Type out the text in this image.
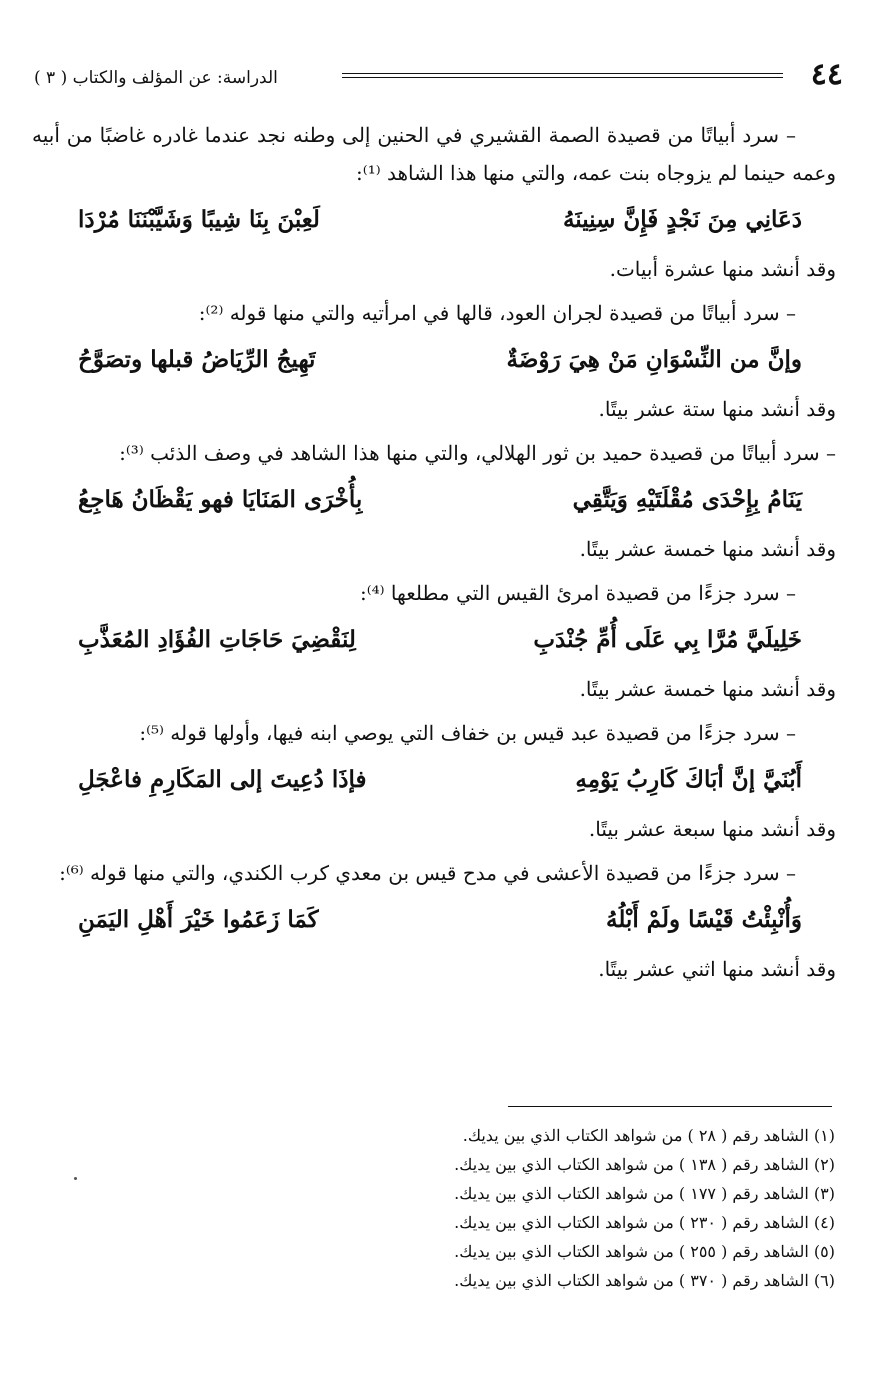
٤٤
الدراسة: عن المؤلف والكتاب ( ٣ )

– سرد أبياتًا من قصيدة الصمة القشيري في الحنين إلى وطنه نجد عندما غادره غاضبًا من أبيه وعمه حينما لم يزوجاه بنت عمه، والتي منها هذا الشاهد ⁽¹⁾:

دَعَانِي مِنَ نَجْدٍ فَإِنَّ سِنِينَهُ
لَعِبْنَ بِنَا شِيبًا وَشَيَّبْنَنَا مُرْدَا

وقد أنشد منها عشرة أبيات.

– سرد أبياتًا من قصيدة لجران العود، قالها في امرأتيه والتي منها قوله ⁽²⁾:

وإنَّ من النِّسْوَانِ مَنْ هِيَ رَوْضَةٌ
تَهِيجُ الرِّيَاضُ قبلها وتصَوَّحُ

وقد أنشد منها ستة عشر بيتًا.

– سرد أبياتًا من قصيدة حميد بن ثور الهلالي، والتي منها هذا الشاهد في وصف الذئب ⁽³⁾:

يَنَامُ بِإِحْدَى مُقْلَتَيْهِ وَيَتَّقِي
بِأُخْرَى المَنَايَا فهو يَقْظَانُ هَاجِعُ

وقد أنشد منها خمسة عشر بيتًا.

– سرد جزءًا من قصيدة امرئ القيس التي مطلعها ⁽⁴⁾:

خَلِيلَيَّ مُرَّا بِي عَلَى أُمِّ جُنْدَبِ
لِنَقْضِيَ حَاجَاتِ الفُؤَادِ المُعَذَّبِ

وقد أنشد منها خمسة عشر بيتًا.

– سرد جزءًا من قصيدة عبد قيس بن خفاف التي يوصي ابنه فيها، وأولها قوله ⁽⁵⁾:

أَبُنَيَّ إنَّ أبَاكَ كَارِبُ يَوْمِهِ
فإذَا دُعِيتَ إلى المَكَارِمِ فاعْجَلِ

وقد أنشد منها سبعة عشر بيتًا.

– سرد جزءًا من قصيدة الأعشى في مدح قيس بن معدي كرب الكندي، والتي منها قوله ⁽⁶⁾:

وَأُنْبِئْتُ قَيْسًا ولَمْ أَبْلُهُ
كَمَا زَعَمُوا خَيْرَ أَهْلِ اليَمَنِ

وقد أنشد منها اثني عشر بيتًا.

(١) الشاهد رقم ( ٢٨ ) من شواهد الكتاب الذي بين يديك.
(٢) الشاهد رقم ( ١٣٨ ) من شواهد الكتاب الذي بين يديك.
(٣) الشاهد رقم ( ١٧٧ ) من شواهد الكتاب الذي بين يديك.
(٤) الشاهد رقم ( ٢٣٠ ) من شواهد الكتاب الذي بين يديك.
(٥) الشاهد رقم ( ٢٥٥ ) من شواهد الكتاب الذي بين يديك.
(٦) الشاهد رقم ( ٣٧٠ ) من شواهد الكتاب الذي بين يديك.
